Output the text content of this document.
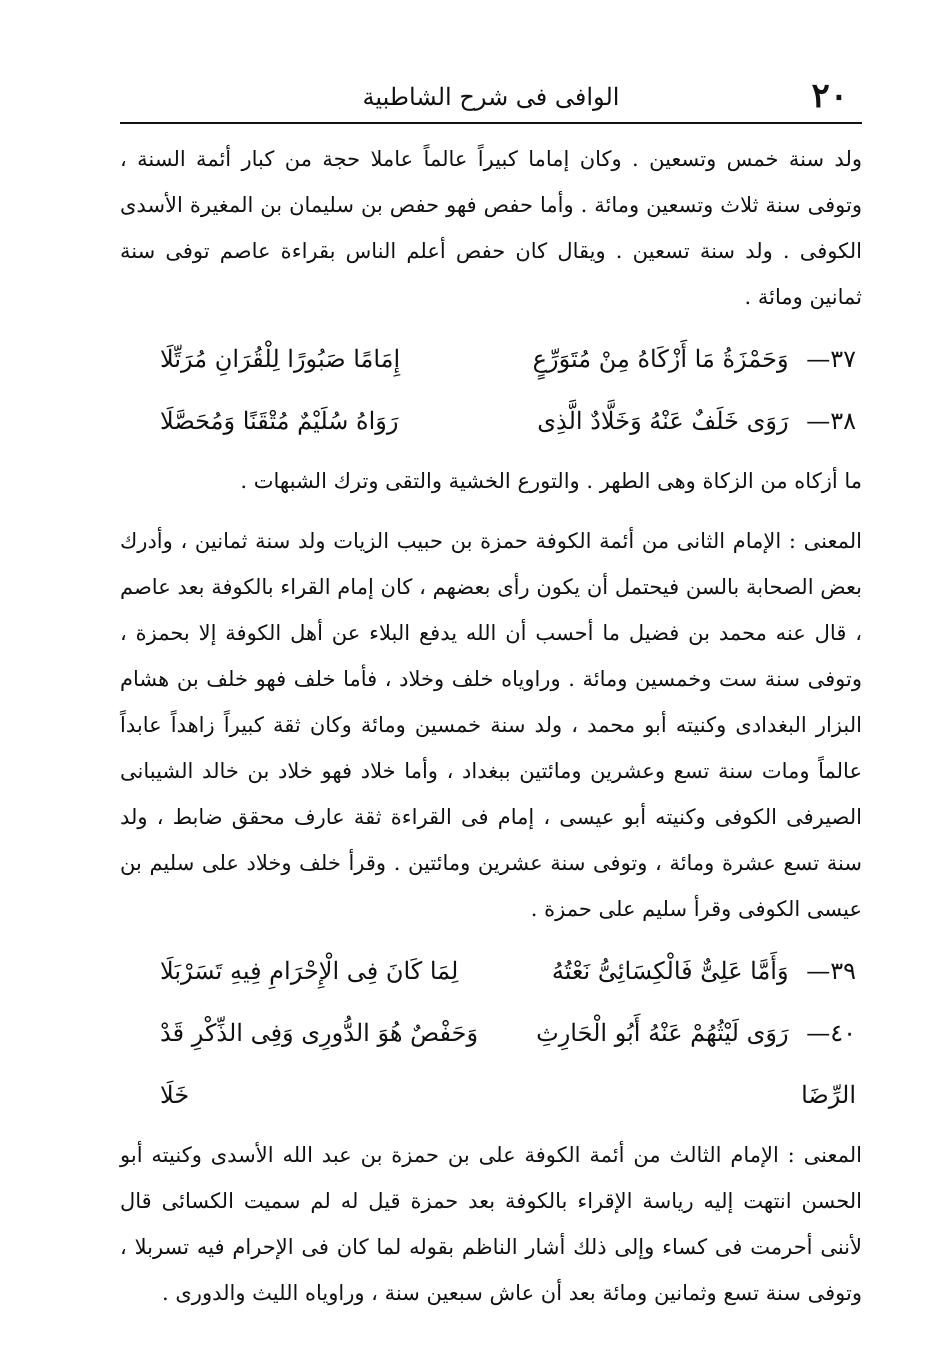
٢٠
الوافى فى شرح الشاطبية

ولد سنة خمس وتسعين . وكان إماما كبيراً عالماً عاملا حجة من كبار أئمة السنة ، وتوفى سنة ثلاث وتسعين ومائة . وأما حفص فهو حفص بن سليمان بن المغيرة الأسدى الكوفى . ولد سنة تسعين . ويقال كان حفص أعلم الناس بقراءة عاصم توفى سنة ثمانين ومائة .

٣٧— وَحَمْزَةُ مَا أَزْكَاهُ مِنْ مُتَوَرِّعٍ
إِمَامًا صَبُورًا لِلْقُرَانِ مُرَتِّلَا
٣٨— رَوَى خَلَفٌ عَنْهُ وَخَلَّادٌ الَّذِى
رَوَاهُ سُلَيْمٌ مُتْقَنًا وَمُحَصَّلَا

ما أزكاه من الزكاة وهى الطهر . والتورع الخشية والتقى وترك الشبهات .

المعنى : الإمام الثانى من أئمة الكوفة حمزة بن حبيب الزيات ولد سنة ثمانين ، وأدرك بعض الصحابة بالسن فيحتمل أن يكون رأى بعضهم ، كان إمام القراء بالكوفة بعد عاصم ، قال عنه محمد بن فضيل ما أحسب أن الله يدفع البلاء عن أهل الكوفة إلا بحمزة ، وتوفى سنة ست وخمسين ومائة . وراوياه خلف وخلاد ، فأما خلف فهو خلف بن هشام البزار البغدادى وكنيته أبو محمد ، ولد سنة خمسين ومائة وكان ثقة كبيراً زاهداً عابداً عالماً ومات سنة تسع وعشرين ومائتين ببغداد ، وأما خلاد فهو خلاد بن خالد الشيبانى الصيرفى الكوفى وكنيته أبو عيسى ، إمام فى القراءة ثقة عارف محقق ضابط ، ولد سنة تسع عشرة ومائة ، وتوفى سنة عشرين ومائتين . وقرأ خلف وخلاد على سليم بن عيسى الكوفى وقرأ سليم على حمزة .

٣٩— وَأَمَّا عَلِىٌّ فَالْكِسَائِىُّ نَعْتُهُ
لِمَا كَانَ فِى الْإِحْرَامِ فِيهِ تَسَرْبَلَا
٤٠— رَوَى لَيْثُهُمْ عَنْهُ أَبُو الْحَارِثِ الرِّضَا
وَحَفْصٌ هُوَ الدُّورِى وَفِى الذِّكْرِ قَدْ خَلَا

المعنى : الإمام الثالث من أئمة الكوفة على بن حمزة بن عبد الله الأسدى وكنيته أبو الحسن انتهت إليه رياسة الإقراء بالكوفة بعد حمزة قيل له لم سميت الكسائى قال لأننى أحرمت فى كساء وإلى ذلك أشار الناظم بقوله لما كان فى الإحرام فيه تسربلا ، وتوفى سنة تسع وثمانين ومائة بعد أن عاش سبعين سنة ، وراوياه الليث والدورى .
